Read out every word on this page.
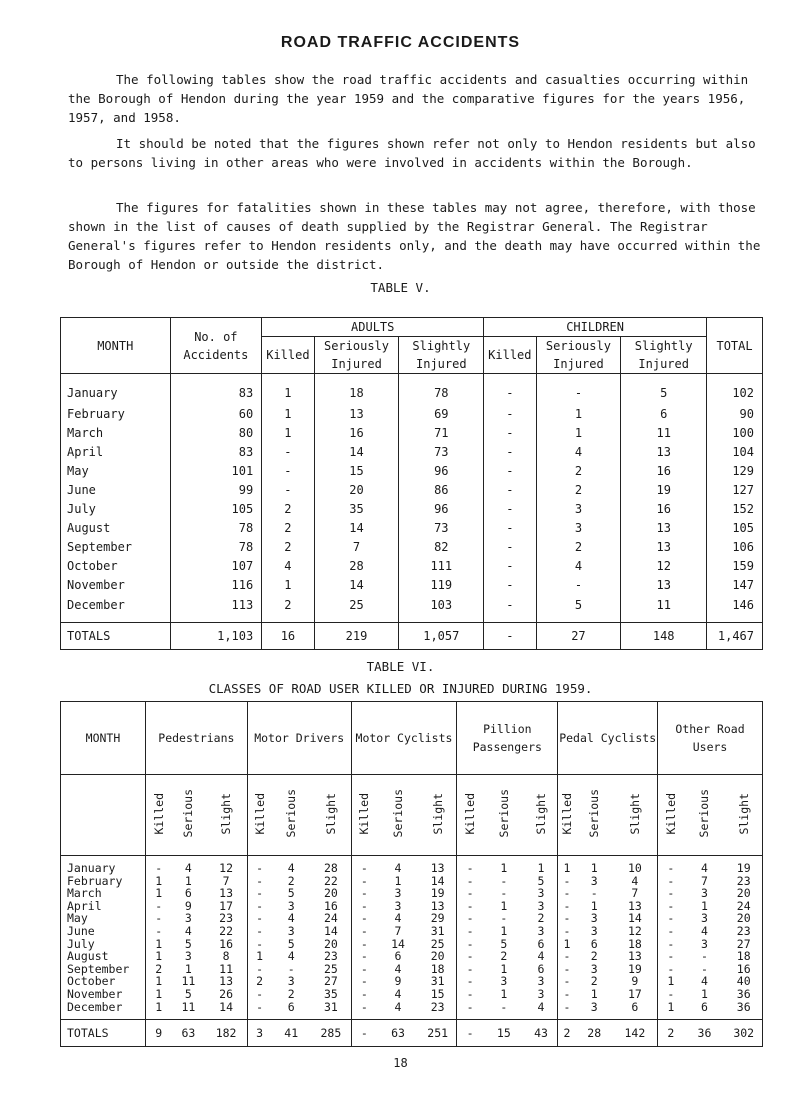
ROAD TRAFFIC ACCIDENTS
The following tables show the road traffic accidents and casualties occurring within the Borough of Hendon during the year 1959 and the comparative figures for the years 1956, 1957, and 1958.
It should be noted that the figures shown refer not only to Hendon residents but also to persons living in other areas who were involved in accidents within the Borough.
The figures for fatalities shown in these tables may not agree, therefore, with those shown in the list of causes of death supplied by the Registrar General. The Registrar General's figures refer to Hendon residents only, and the death may have occurred within the Borough of Hendon or outside the district.
TABLE V.
MONTH	No. of Accidents	ADULTS			CHILDREN			TOTAL
		Killed	Seriously Injured	Slightly Injured	Killed	Seriously Injured	Slightly Injured	
January	83	1	18	78	-	-	5	102
February	60	1	13	69	-	1	6	90
March	80	1	16	71	-	1	11	100
April	83	-	14	73	-	4	13	104
May	101	-	15	96	-	2	16	129
June	99	-	20	86	-	2	19	127
July	105	2	35	96	-	3	16	152
August	78	2	14	73	-	3	13	105
September	78	2	7	82	-	2	13	106
October	107	4	28	111	-	4	12	159
November	116	1	14	119	-	-	13	147
December	113	2	25	103	-	5	11	146
TOTALS	1,103	16	219	1,057	-	27	148	1,467
TABLE VI.
CLASSES OF ROAD USER KILLED OR INJURED DURING 1959.
MONTH	Pedestrians			Motor Drivers			Motor Cyclists			Pillion Passengers			Pedal Cyclists			Other Road Users		
	Killed	Serious	Slight	Killed	Serious	Slight	Killed	Serious	Slight	Killed	Serious	Slight	Killed	Serious	Slight	Killed	Serious	Slight
January	-	4	12	-	4	28	-	4	13	-	1	1	1	1	10	-	4	19
February	1	1	7	-	2	22	-	1	14	-	-	5	-	3	4	-	7	23
March	1	6	13	-	5	20	-	3	19	-	-	3	-	-	7	-	3	20
April	-	9	17	-	3	16	-	3	13	-	1	3	-	1	13	-	1	24
May	-	3	23	-	4	24	-	4	29	-	-	2	-	3	14	-	3	20
June	-	4	22	-	3	14	-	7	31	-	1	3	-	3	12	-	4	23
July	1	5	16	-	5	20	-	14	25	-	5	6	1	6	18	-	3	27
August	1	3	8	1	4	23	-	6	20	-	2	4	-	2	13	-	-	18
September	2	1	11	-	-	25	-	4	18	-	1	6	-	3	19	-	-	16
October	1	11	13	2	3	27	-	9	31	-	3	3	-	2	9	1	4	40
November	1	5	26	-	2	35	-	4	15	-	1	3	-	1	17	-	1	36
December	1	11	14	-	6	31	-	4	23	-	-	4	-	3	6	1	6	36
TOTALS	9	63	182	3	41	285	-	63	251	-	15	43	2	28	142	2	36	302
18
